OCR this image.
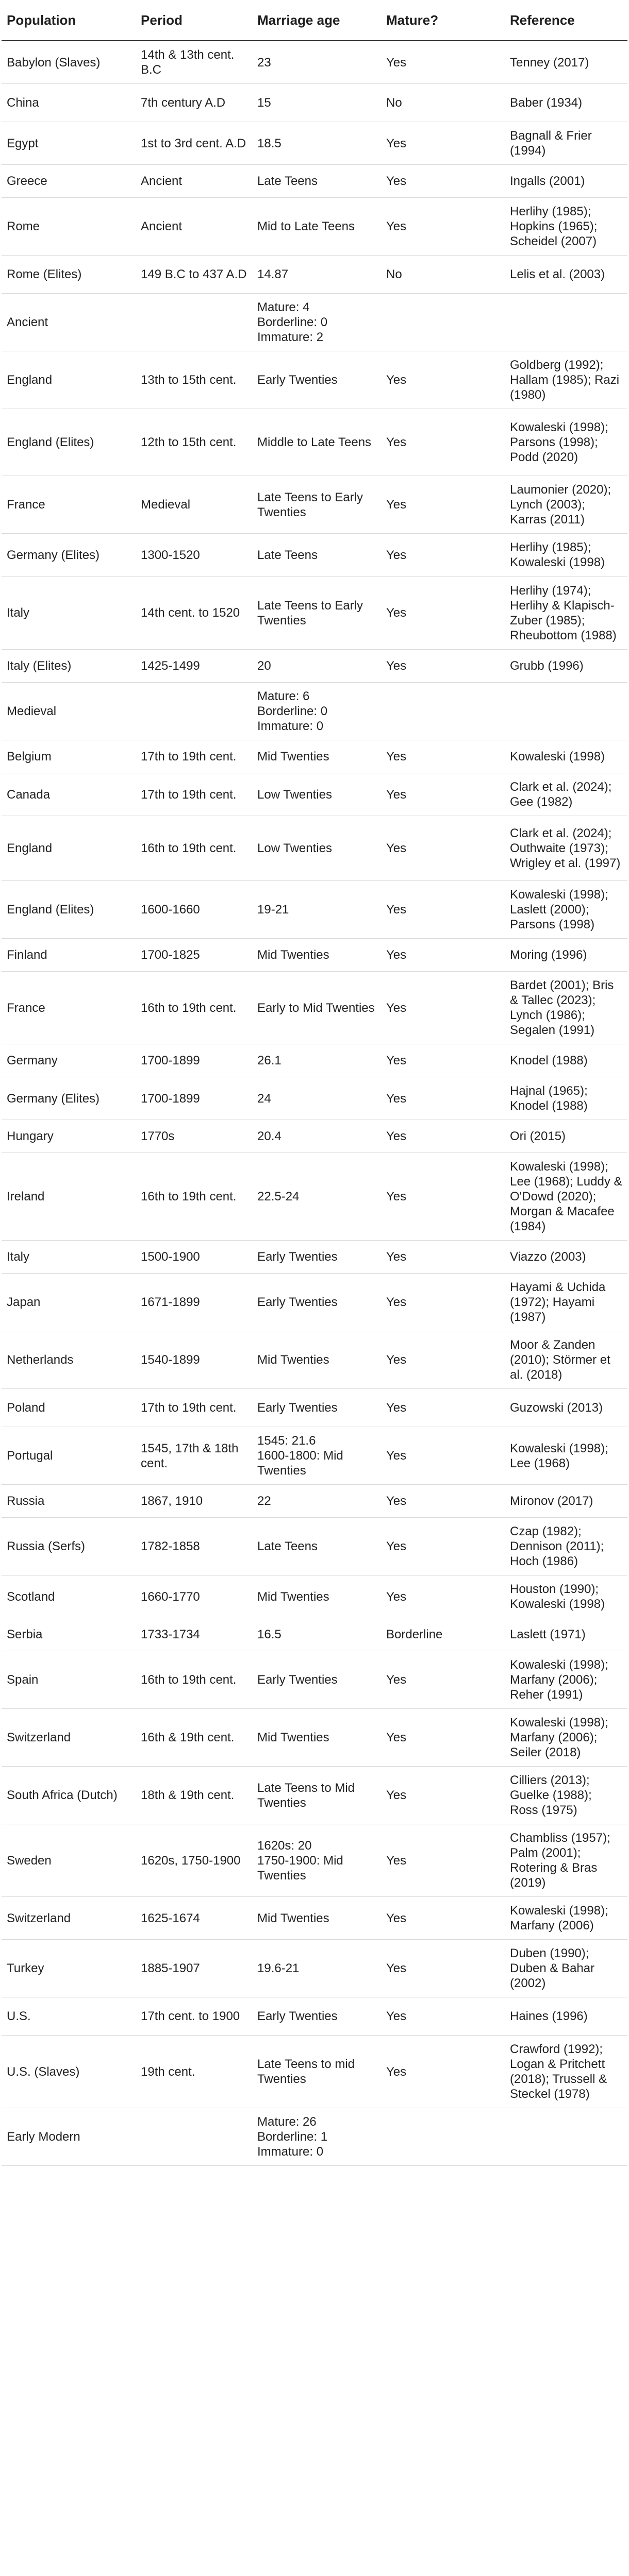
Population	Period	Marriage age	Mature?	Reference
Babylon (Slaves)	14th & 13th cent. B.C	23	Yes	Tenney (2017)
China	7th century A.D	15	No	Baber (1934)
Egypt	1st to 3rd cent. A.D	18.5	Yes	Bagnall & Frier (1994)
Greece	Ancient	Late Teens	Yes	Ingalls (2001)
Rome	Ancient	Mid to Late Teens	Yes	Herlihy (1985); Hopkins (1965); Scheidel (2007)
Rome (Elites)	149 B.C to 437 A.D	14.87	No	Lelis et al. (2003)
Ancient		Mature: 4
Borderline: 0
Immature: 2		
England	13th to 15th cent.	Early Twenties	Yes	Goldberg (1992); Hallam (1985); Razi (1980)
England (Elites)	12th to 15th cent.	Middle to Late Teens	Yes	Kowaleski (1998); Parsons (1998); Podd (2020)
France	Medieval	Late Teens to Early Twenties	Yes	Laumonier (2020); Lynch (2003); Karras (2011)
Germany (Elites)	1300-1520	Late Teens	Yes	Herlihy (1985); Kowaleski (1998)
Italy	14th cent. to 1520	Late Teens to Early Twenties	Yes	Herlihy (1974); Herlihy & Klapisch-Zuber (1985); Rheubottom (1988)
Italy (Elites)	1425-1499	20	Yes	Grubb (1996)
Medieval		Mature: 6
Borderline: 0
Immature: 0		
Belgium	17th to 19th cent.	Mid Twenties	Yes	Kowaleski (1998)
Canada	17th to 19th cent.	Low Twenties	Yes	Clark et al. (2024); Gee (1982)
England	16th to 19th cent.	Low Twenties	Yes	Clark et al. (2024); Outhwaite (1973); Wrigley et al. (1997)
England (Elites)	1600-1660	19-21	Yes	Kowaleski (1998); Laslett (2000); Parsons (1998)
Finland	1700-1825	Mid Twenties	Yes	Moring (1996)
France	16th to 19th cent.	Early to Mid Twenties	Yes	Bardet (2001); Bris & Tallec (2023); Lynch (1986); Segalen (1991)
Germany	1700-1899	26.1	Yes	Knodel (1988)
Germany (Elites)	1700-1899	24	Yes	Hajnal (1965); Knodel (1988)
Hungary	1770s	20.4	Yes	Ori (2015)
Ireland	16th to 19th cent.	22.5-24	Yes	Kowaleski (1998); Lee (1968); Luddy & O'Dowd (2020); Morgan & Macafee (1984)
Italy	1500-1900	Early Twenties	Yes	Viazzo (2003)
Japan	1671-1899	Early Twenties	Yes	Hayami & Uchida (1972); Hayami (1987)
Netherlands	1540-1899	Mid Twenties	Yes	Moor & Zanden (2010); Störmer et al. (2018)
Poland	17th to 19th cent.	Early Twenties	Yes	Guzowski (2013)
Portugal	1545, 17th & 18th cent.	1545: 21.6
1600-1800: Mid Twenties	Yes	Kowaleski (1998); Lee (1968)
Russia	1867, 1910	22	Yes	Mironov (2017)
Russia (Serfs)	1782-1858	Late Teens	Yes	Czap (1982); Dennison (2011); Hoch (1986)
Scotland	1660-1770	Mid Twenties	Yes	Houston (1990); Kowaleski (1998)
Serbia	1733-1734	16.5	Borderline	Laslett (1971)
Spain	16th to 19th cent.	Early Twenties	Yes	Kowaleski (1998); Marfany (2006); Reher (1991)
Switzerland	16th & 19th cent.	Mid Twenties	Yes	Kowaleski (1998); Marfany (2006); Seiler (2018)
South Africa (Dutch)	18th & 19th cent.	Late Teens to Mid Twenties	Yes	Cilliers (2013); Guelke (1988); Ross (1975)
Sweden	1620s, 1750-1900	1620s: 20
1750-1900: Mid Twenties	Yes	Chambliss (1957); Palm (2001); Rotering & Bras (2019)
Switzerland	1625-1674	Mid Twenties	Yes	Kowaleski (1998); Marfany (2006)
Turkey	1885-1907	19.6-21	Yes	Duben (1990); Duben & Bahar (2002)
U.S.	17th cent. to 1900	Early Twenties	Yes	Haines (1996)
U.S. (Slaves)	19th cent.	Late Teens to mid Twenties	Yes	Crawford (1992); Logan & Pritchett (2018); Trussell & Steckel (1978)
Early Modern		Mature: 26
Borderline: 1
Immature: 0		
